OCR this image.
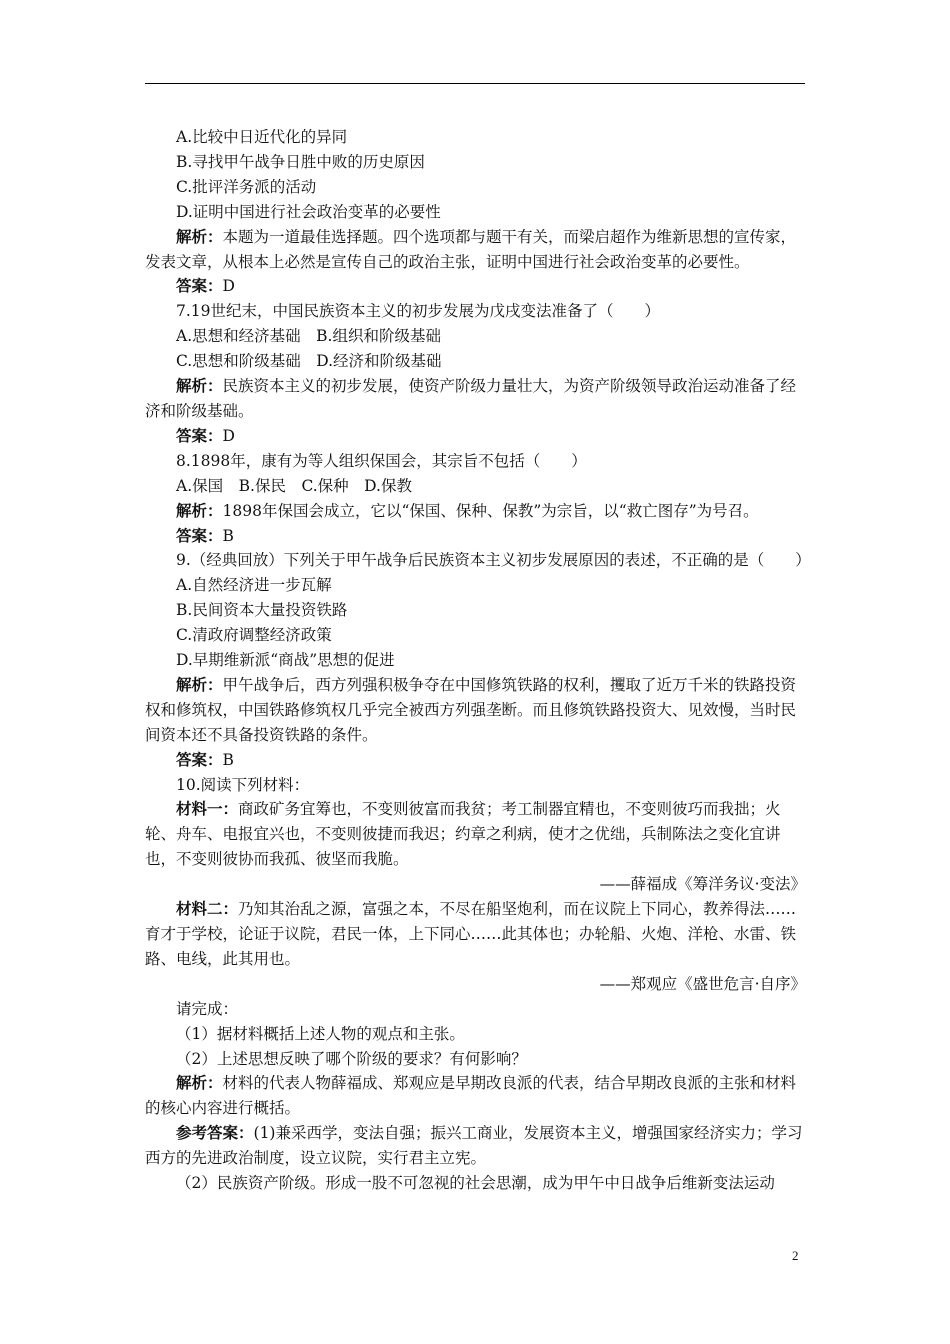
A.比较中日近代化的异同

B.寻找甲午战争日胜中败的历史原因

C.批评洋务派的活动

D.证明中国进行社会政治变革的必要性

解析：本题为一道最佳选择题。四个选项都与题干有关，而梁启超作为维新思想的宣传家，发表文章，从根本上必然是宣传自己的政治主张，证明中国进行社会政治变革的必要性。

答案：D

7.19世纪末，中国民族资本主义的初步发展为戊戌变法准备了（　　）

A.思想和经济基础　B.组织和阶级基础

C.思想和阶级基础　D.经济和阶级基础

解析：民族资本主义的初步发展，使资产阶级力量壮大，为资产阶级领导政治运动准备了经济和阶级基础。

答案：D

8.1898年，康有为等人组织保国会，其宗旨不包括（　　）

A.保国　B.保民　C.保种　D.保教

解析：1898年保国会成立，它以“保国、保种、保教”为宗旨，以“救亡图存”为号召。

答案：B

9.（经典回放）下列关于甲午战争后民族资本主义初步发展原因的表述，不正确的是（　　）

A.自然经济进一步瓦解

B.民间资本大量投资铁路

C.清政府调整经济政策

D.早期维新派“商战”思想的促进

解析：甲午战争后，西方列强积极争夺在中国修筑铁路的权利，攫取了近万千米的铁路投资权和修筑权，中国铁路修筑权几乎完全被西方列强垄断。而且修筑铁路投资大、见效慢，当时民间资本还不具备投资铁路的条件。

答案：B

10.阅读下列材料：

材料一：商政矿务宜筹也，不变则彼富而我贫；考工制器宜精也，不变则彼巧而我拙；火轮、舟车、电报宜兴也，不变则彼捷而我迟；约章之利病，使才之优绌，兵制陈法之变化宜讲也，不变则彼协而我孤、彼坚而我脆。

——薛福成《筹洋务议·变法》

材料二：乃知其治乱之源，富强之本，不尽在船坚炮利，而在议院上下同心，教养得法……育才于学校，论证于议院，君民一体，上下同心……此其体也；办轮船、火炮、洋枪、水雷、铁路、电线，此其用也。

——郑观应《盛世危言·自序》

请完成：

（1）据材料概括上述人物的观点和主张。

（2）上述思想反映了哪个阶级的要求？有何影响？

解析：材料的代表人物薛福成、郑观应是早期改良派的代表，结合早期改良派的主张和材料的核心内容进行概括。

参考答案：(1)兼采西学，变法自强；振兴工商业，发展资本主义，增强国家经济实力；学习西方的先进政治制度，设立议院，实行君主立宪。

（2）民族资产阶级。形成一股不可忽视的社会思潮，成为甲午中日战争后维新变法运动

2
